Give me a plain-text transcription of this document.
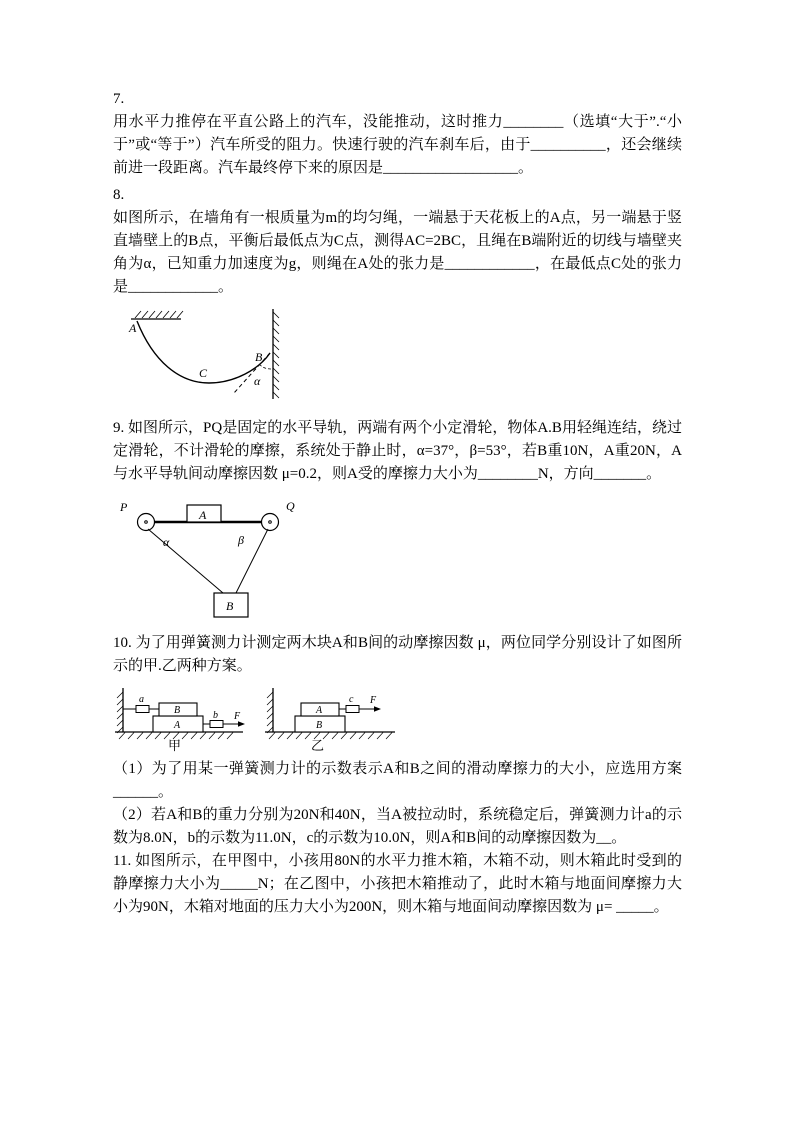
7.

用水平力推停在平直公路上的汽车，没能推动，这时推力________（选填“大于”.“小于”或“等于”）汽车所受的阻力。快速行驶的汽车刹车后，由于__________，还会继续前进一段距离。汽车最终停下来的原因是__________________。

8.

如图所示，在墙角有一根质量为m的均匀绳，一端悬于天花板上的A点，另一端悬于竖直墙壁上的B点，平衡后最低点为C点，测得AC=2BC，且绳在B端附近的切线与墙壁夹角为α，已知重力加速度为g，则绳在A处的张力是____________，在最低点C处的张力是____________。

A
B
C
α

9. 如图所示，PQ是固定的水平导轨，两端有两个小定滑轮，物体A.B用轻绳连结，绕过定滑轮，不计滑轮的摩擦，系统处于静止时，α=37°，β=53°，若B重10N，A重20N，A与水平导轨间动摩擦因数 μ=0.2，则A受的摩擦力大小为________N，方向_______。

P	Q
A
B
α	β

10. 为了用弹簧测力计测定两木块A和B间的动摩擦因数 μ，两位同学分别设计了如图所示的甲.乙两种方案。

a
B
A
b F
甲
c
A
B
F
乙

（1）为了用某一弹簧测力计的示数表示A和B之间的滑动摩擦力的大小，应选用方案______。

（2）若A和B的重力分别为20N和40N，当A被拉动时，系统稳定后，弹簧测力计a的示数为8.0N，b的示数为11.0N，c的示数为10.0N，则A和B间的动摩擦因数为__。

11. 如图所示，在甲图中，小孩用80N的水平力推木箱，木箱不动，则木箱此时受到的静摩擦力大小为_____N；在乙图中，小孩把木箱推动了，此时木箱与地面间摩擦力大小为90N，木箱对地面的压力大小为200N，则木箱与地面间动摩擦因数为 μ= _____。
